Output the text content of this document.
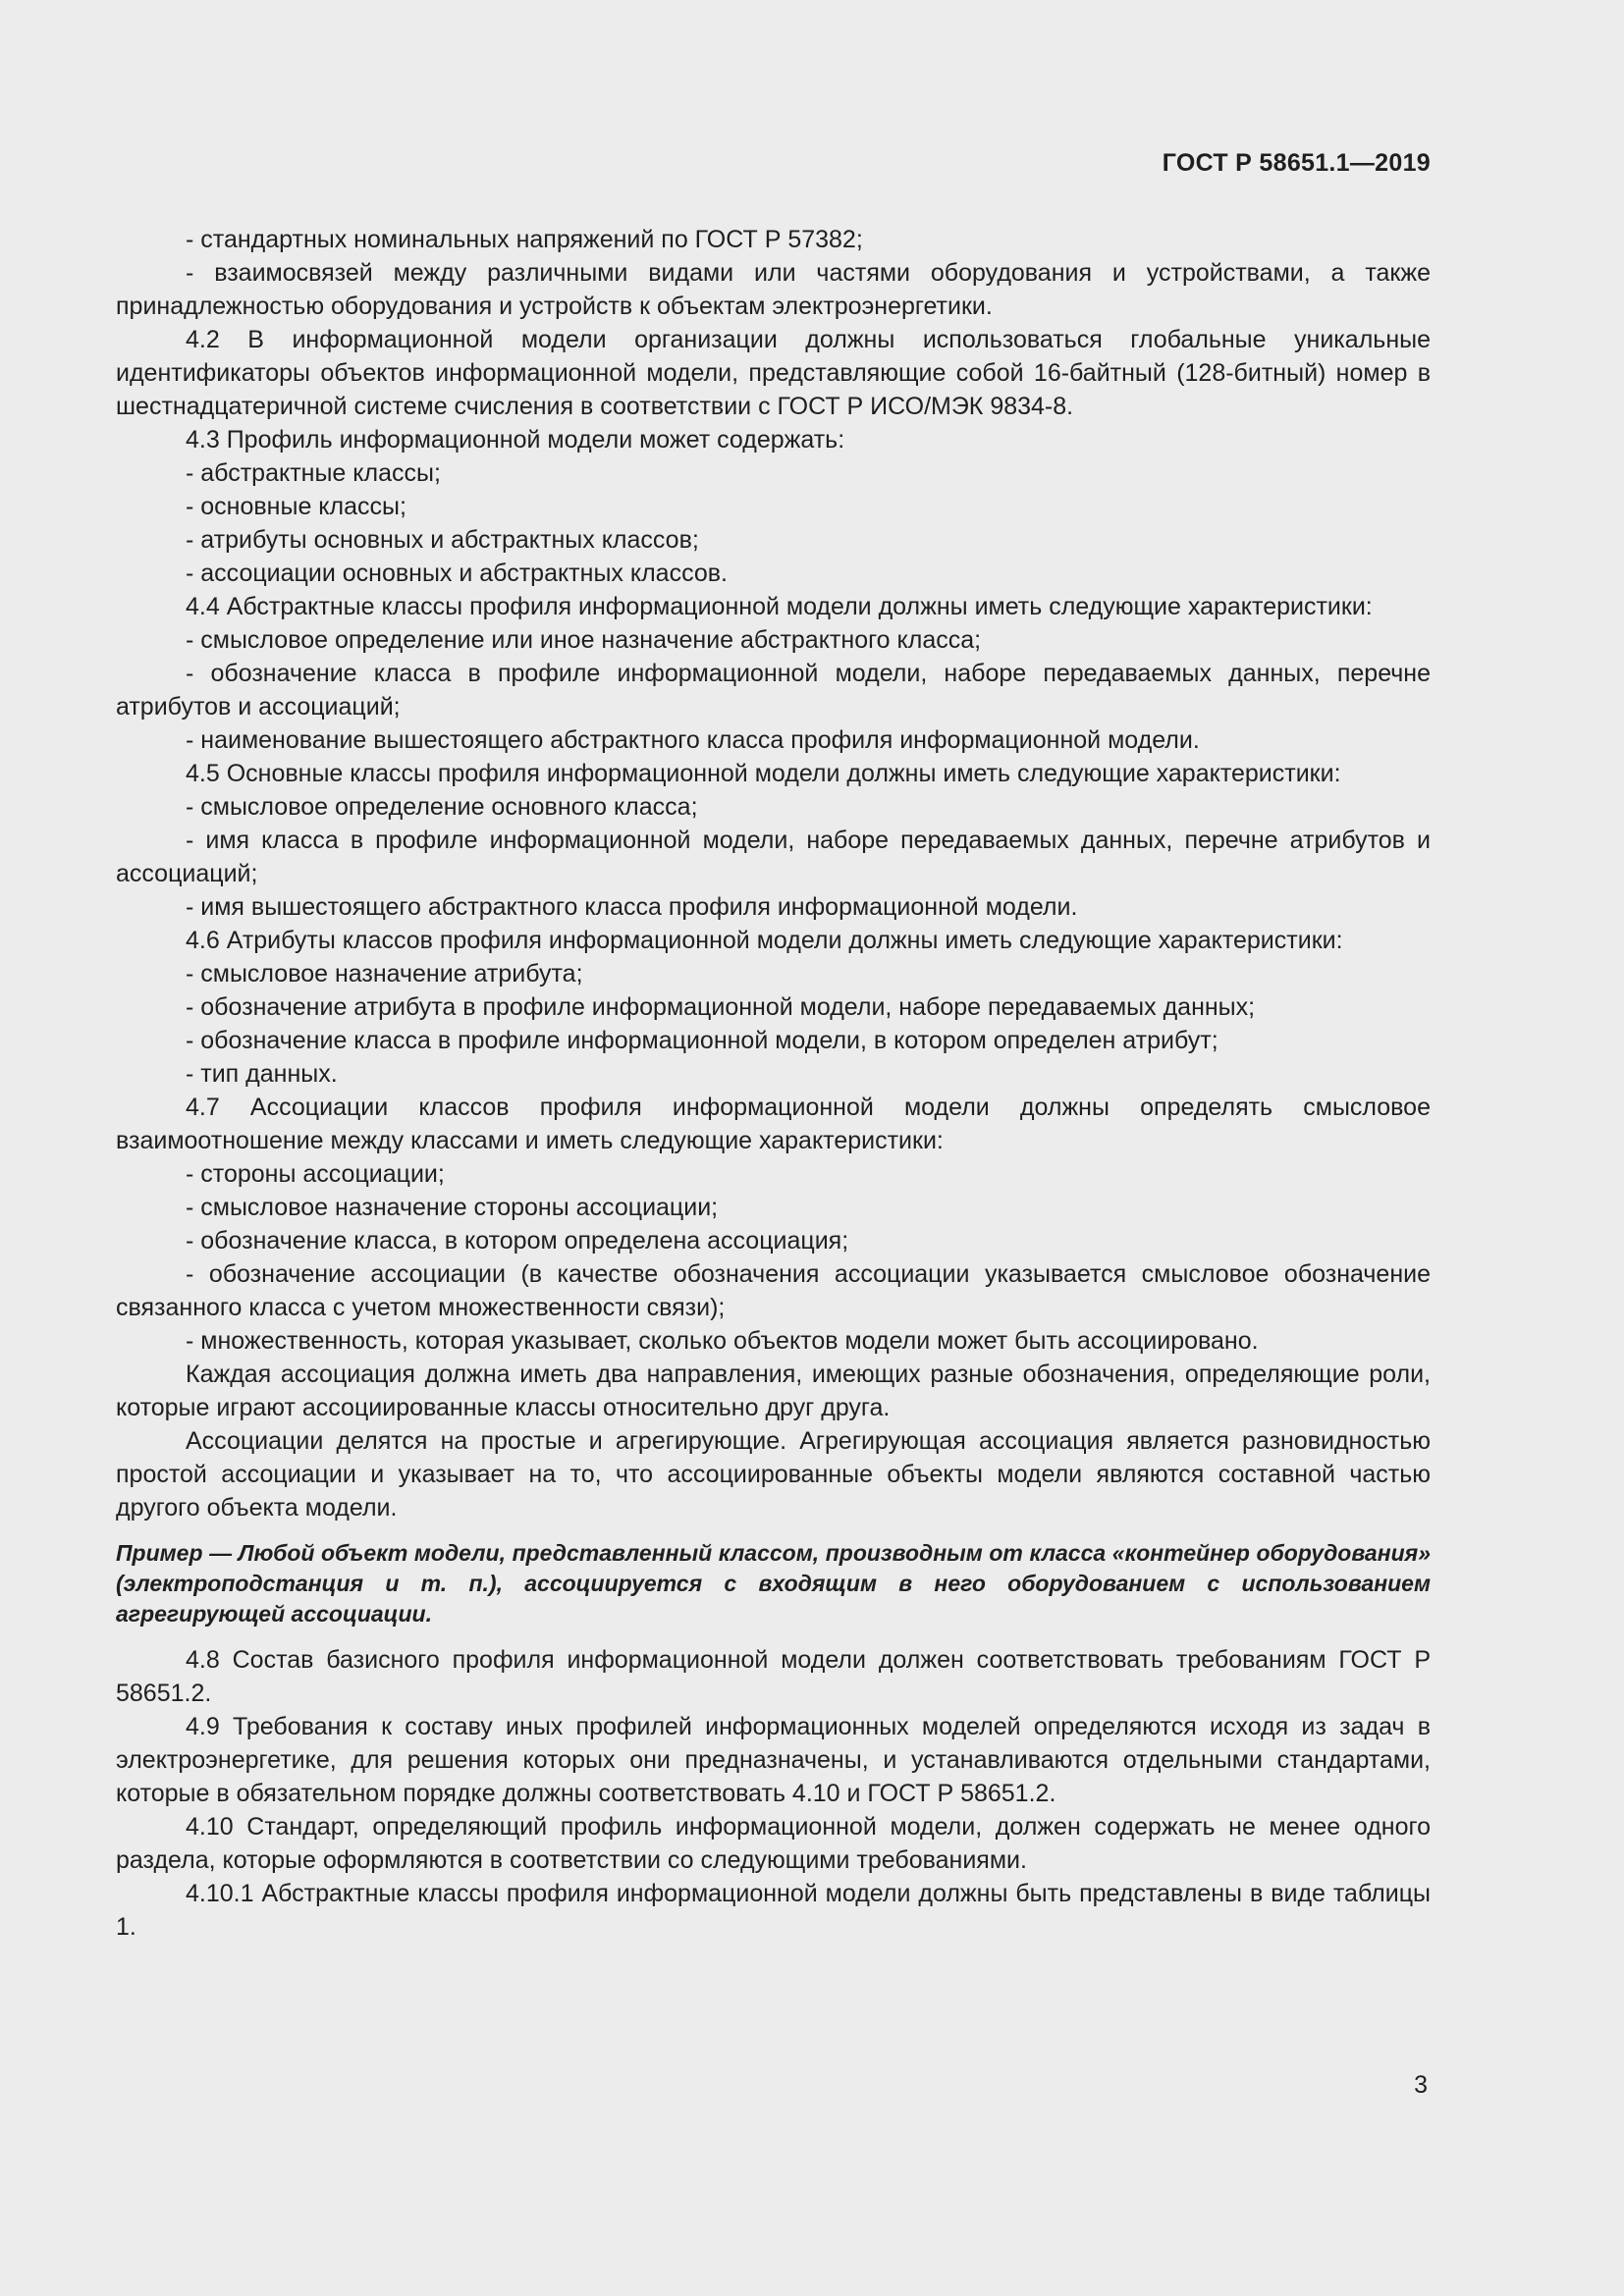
ГОСТ Р 58651.1—2019

- стандартных номинальных напряжений по ГОСТ Р 57382;

- взаимосвязей между различными видами или частями оборудования и устройствами, а также принадлежностью оборудования и устройств к объектам электроэнергетики.

4.2 В информационной модели организации должны использоваться глобальные уникальные идентификаторы объектов информационной модели, представляющие собой 16-байтный (128-битный) номер в шестнадцатеричной системе счисления в соответствии с ГОСТ Р ИСО/МЭК 9834-8.

4.3 Профиль информационной модели может содержать:

- абстрактные классы;

- основные классы;

- атрибуты основных и абстрактных классов;

- ассоциации основных и абстрактных классов.

4.4 Абстрактные классы профиля информационной модели должны иметь следующие характеристики:

- смысловое определение или иное назначение абстрактного класса;

- обозначение класса в профиле информационной модели, наборе передаваемых данных, перечне атрибутов и ассоциаций;

- наименование вышестоящего абстрактного класса профиля информационной модели.

4.5 Основные классы профиля информационной модели должны иметь следующие характеристики:

- смысловое определение основного класса;

- имя класса в профиле информационной модели, наборе передаваемых данных, перечне атрибутов и ассоциаций;

- имя вышестоящего абстрактного класса профиля информационной модели.

4.6 Атрибуты классов профиля информационной модели должны иметь следующие характеристики:

- смысловое назначение атрибута;

- обозначение атрибута в профиле информационной модели, наборе передаваемых данных;

- обозначение класса в профиле информационной модели, в котором определен атрибут;

- тип данных.

4.7 Ассоциации классов профиля информационной модели должны определять смысловое взаимоотношение между классами и иметь следующие характеристики:

- стороны ассоциации;

- смысловое назначение стороны ассоциации;

- обозначение класса, в котором определена ассоциация;

- обозначение ассоциации (в качестве обозначения ассоциации указывается смысловое обозначение связанного класса с учетом множественности связи);

- множественность, которая указывает, сколько объектов модели может быть ассоциировано.

Каждая ассоциация должна иметь два направления, имеющих разные обозначения, определяющие роли, которые играют ассоциированные классы относительно друг друга.

Ассоциации делятся на простые и агрегирующие. Агрегирующая ассоциация является разновидностью простой ассоциации и указывает на то, что ассоциированные объекты модели являются составной частью другого объекта модели.

Пример — Любой объект модели, представленный классом, производным от класса «контейнер оборудования» (электроподстанция и т. п.), ассоциируется с входящим в него оборудованием с использованием агрегирующей ассоциации.

4.8 Состав базисного профиля информационной модели должен соответствовать требованиям ГОСТ Р 58651.2.

4.9 Требования к составу иных профилей информационных моделей определяются исходя из задач в электроэнергетике, для решения которых они предназначены, и устанавливаются отдельными стандартами, которые в обязательном порядке должны соответствовать 4.10 и ГОСТ Р 58651.2.

4.10 Стандарт, определяющий профиль информационной модели, должен содержать не менее одного раздела, которые оформляются в соответствии со следующими требованиями.

4.10.1 Абстрактные классы профиля информационной модели должны быть представлены в виде таблицы 1.

3
